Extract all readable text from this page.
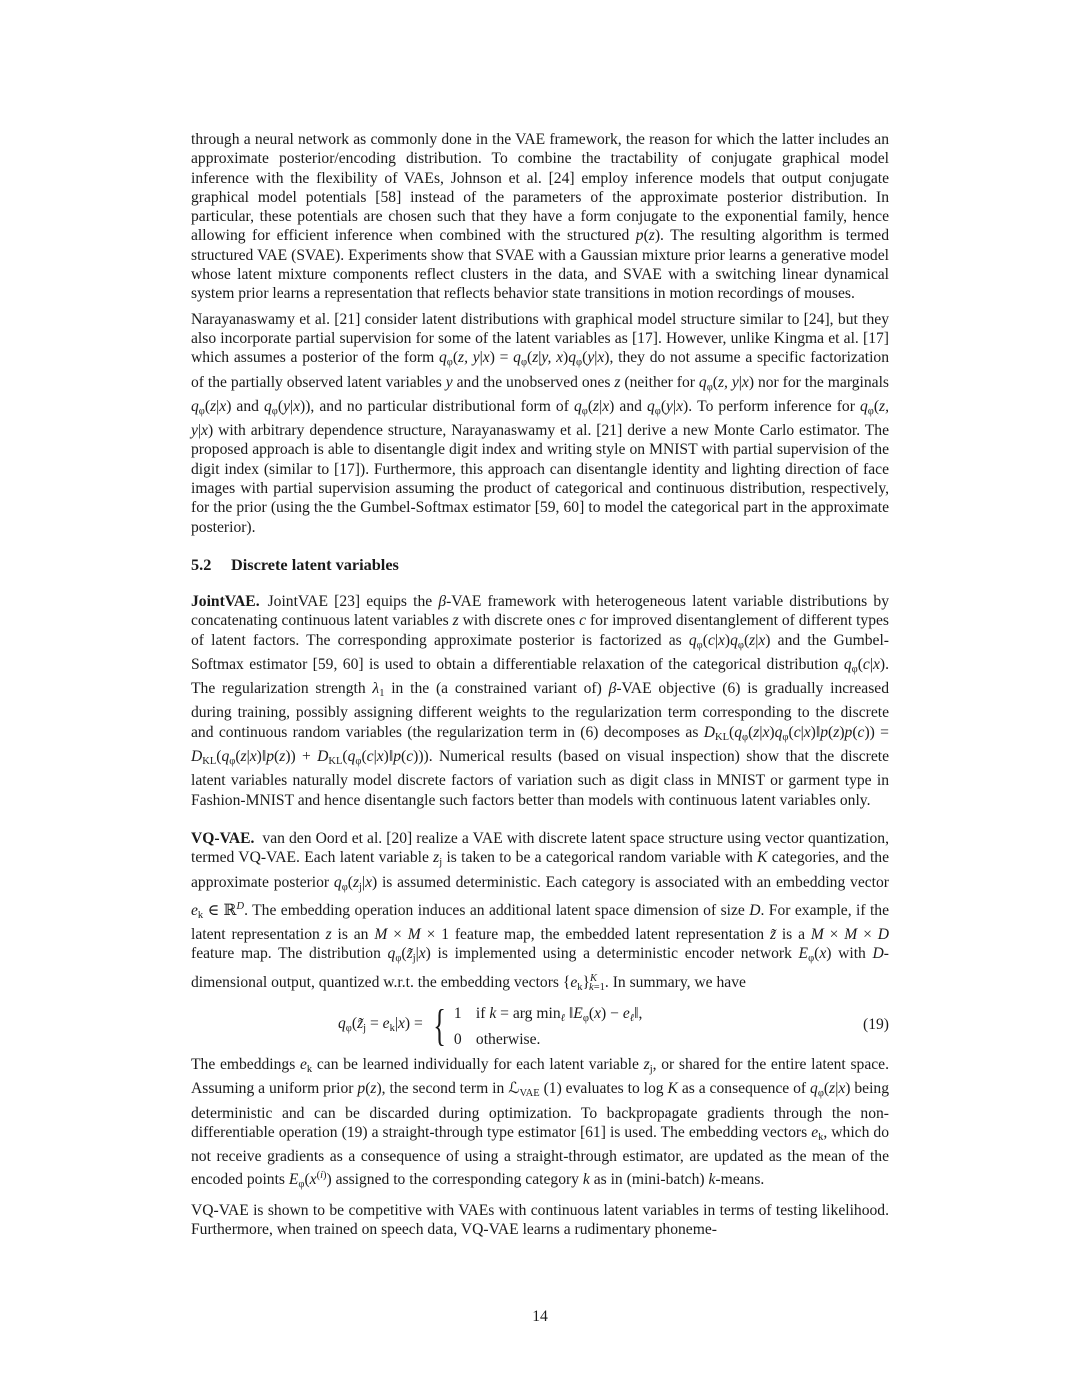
through a neural network as commonly done in the VAE framework, the reason for which the latter includes an approximate posterior/encoding distribution. To combine the tractability of conjugate graphical model inference with the flexibility of VAEs, Johnson et al. [24] employ inference models that output conjugate graphical model potentials [58] instead of the parameters of the approximate posterior distribution. In particular, these potentials are chosen such that they have a form conjugate to the exponential family, hence allowing for efficient inference when combined with the structured p(z). The resulting algorithm is termed structured VAE (SVAE). Experiments show that SVAE with a Gaussian mixture prior learns a generative model whose latent mixture components reflect clusters in the data, and SVAE with a switching linear dynamical system prior learns a representation that reflects behavior state transitions in motion recordings of mouses.

Narayanaswamy et al. [21] consider latent distributions with graphical model structure similar to [24], but they also incorporate partial supervision for some of the latent variables as [17]. However, unlike Kingma et al. [17] which assumes a posterior of the form $q_\varphi(z$, $y|x) = q_\varphi(z|y$, $x)q_\varphi(y|x)$, they do not assume a specific factorization of the partially observed latent variables y and the unobserved ones z (neither for $q_\varphi(z$, y|x) nor for the marginals $q_\varphi(z|x)$ and $q_\varphi(y|x)$), and no particular distributional form of $q_\varphi(z|x)$ and $q_\varphi(y|x)$. To perform inference for $q_\varphi(z$, y|x) with arbitrary dependence structure, Narayanaswamy et al. [21] derive a new Monte Carlo estimator. The proposed approach is able to disentangle digit index and writing style on MNIST with partial supervision of the digit index (similar to [17]). Furthermore, this approach can disentangle identity and lighting direction of face images with partial supervision assuming the product of categorical and continuous distribution, respectively, for the prior (using the the Gumbel-Softmax estimator [59, 60] to model the categorical part in the approximate posterior).

5.2 Discrete latent variables

JointVAE. JointVAE [23] equips the β-VAE framework with heterogeneous latent variable distributions by concatenating continuous latent variables z with discrete ones c for improved disentanglement of different types of latent factors. The corresponding approximate posterior is factorized as $q_\varphi(c|x)q_\varphi(z|x)$ and the Gumbel-Softmax estimator [59, 60] is used to obtain a differentiable relaxation of the categorical distribution $q_\varphi(c|x)$. The regularization strength $\lambda_1$ in the (a constrained variant of) β-VAE objective (6) is gradually increased during training, possibly assigning different weights to the regularization term corresponding to the discrete and continuous random variables (the regularization term in (6) decomposes as $D_{KL}(q_\varphi(z|x)q_\varphi(c|x)‖p(z)p(c))$ = $D_{KL}(q_\varphi(z|x)‖p(z))$ + $D_{KL}(q_\varphi(c|x)‖p(c))$). Numerical results (based on visual inspection) show that the discrete latent variables naturally model discrete factors of variation such as digit class in MNIST or garment type in Fashion-MNIST and hence disentangle such factors better than models with continuous latent variables only.

VQ-VAE. van den Oord et al. [20] realize a VAE with discrete latent space structure using vector quantization, termed VQ-VAE. Each latent variable $z_j$ is taken to be a categorical random variable with K categories, and the approximate posterior $q_\varphi(z_j|x)$ is assumed deterministic. Each category is associated with an embedding vector $e_k$ ∈ ℝ$^D$. The embedding operation induces an additional latent space dimension of size D. For example, if the latent representation z is an M × M × 1 feature map, the embedded latent representation z̃ is a M × M × D feature map. The distribution $q_\varphi(z̃_j|x)$ is implemented using a deterministic encoder network $E_\varphi(x)$ with D-dimensional output, quantized w.r.t. the embedding vectors $\{e_k\}^K_{k=1}$. In summary, we have

$q_\varphi(z̃_j = e_k|x)$ = { 1 if k = arg $\min_\ell$ $‖E_\varphi(x)$ − $e_\ell‖$,
0 otherwise.
(19)

The embeddings $e_k$ can be learned individually for each latent variable $z_j$, or shared for the entire latent space. Assuming a uniform prior p(z), the second term in ℒ$_{VAE}$ (1) evaluates to log K as a consequence of $q_\varphi(z|x)$ being deterministic and can be discarded during optimization. To backpropagate gradients through the non-differentiable operation (19) a straight-through type estimator [61] is used. The embedding vectors $e_k$, which do not receive gradients as a consequence of using a straight-through estimator, are updated as the mean of the encoded points $E_\varphi(x^{(i)})$ assigned to the corresponding category k as in (mini-batch) k-means.

VQ-VAE is shown to be competitive with VAEs with continuous latent variables in terms of testing likelihood. Furthermore, when trained on speech data, VQ-VAE learns a rudimentary phoneme-

14
